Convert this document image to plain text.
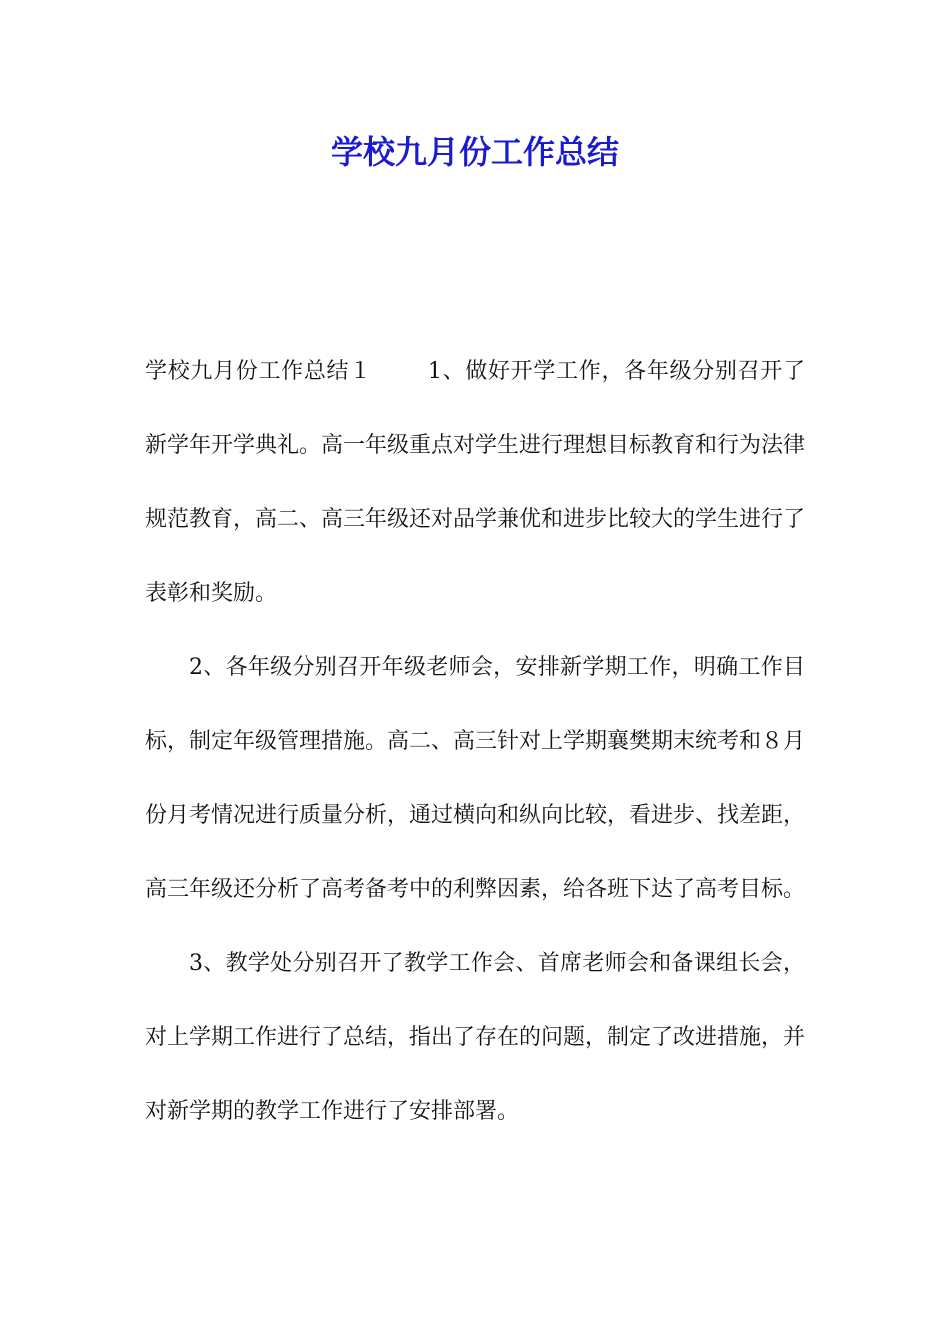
学校九月份工作总结

学校九月份工作总结１	1、做好开学工作，各年级分别召开了新学年开学典礼。高一年级重点对学生进行理想目标教育和行为法律规范教育，高二、高三年级还对品学兼优和进步比较大的学生进行了表彰和奖励。

2、各年级分别召开年级老师会，安排新学期工作，明确工作目标，制定年级管理措施。高二、高三针对上学期襄樊期末统考和８月份月考情况进行质量分析，通过横向和纵向比较，看进步、找差距，高三年级还分析了高考备考中的利弊因素，给各班下达了高考目标。

3、教学处分别召开了教学工作会、首席老师会和备课组长会，对上学期工作进行了总结，指出了存在的问题，制定了改进措施，并对新学期的教学工作进行了安排部署。
